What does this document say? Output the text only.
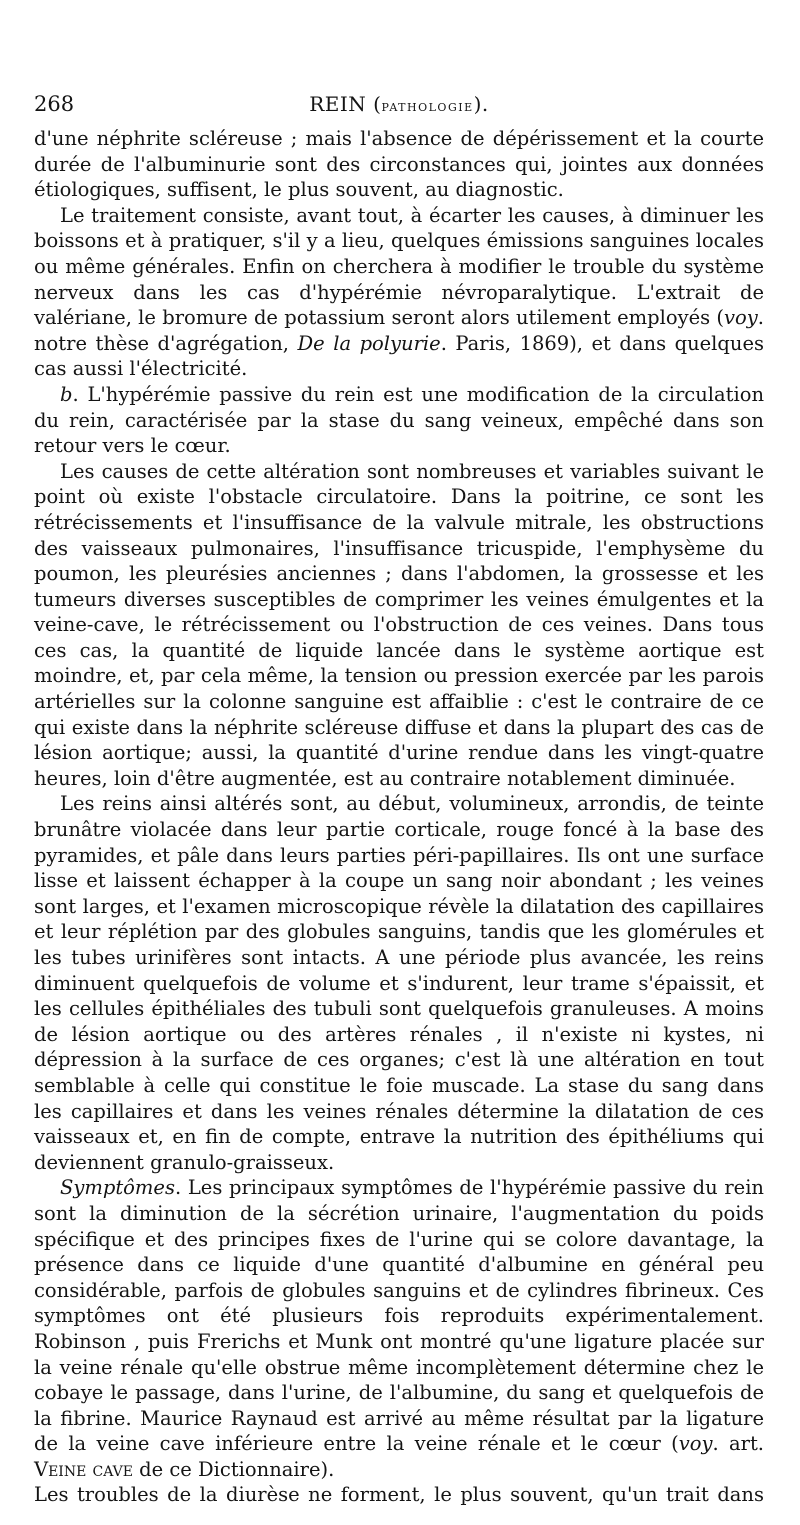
268	REIN (pathologie).

d'une néphrite scléreuse ; mais l'absence de dépérissement et la courte durée de l'albuminurie sont des circonstances qui, jointes aux données étiologiques, suffisent, le plus souvent, au diagnostic.

Le traitement consiste, avant tout, à écarter les causes, à diminuer les boissons et à pratiquer, s'il y a lieu, quelques émissions sanguines locales ou même générales. Enfin on cherchera à modifier le trouble du système nerveux dans les cas d'hypérémie névroparalytique. L'extrait de valériane, le bromure de potassium seront alors utilement employés (voy. notre thèse d'agrégation, De la polyurie. Paris, 1869), et dans quelques cas aussi l'électricité.

b. L'hypérémie passive du rein est une modification de la circulation du rein, caractérisée par la stase du sang veineux, empêché dans son retour vers le cœur.

Les causes de cette altération sont nombreuses et variables suivant le point où existe l'obstacle circulatoire. Dans la poitrine, ce sont les rétrécissements et l'insuffisance de la valvule mitrale, les obstructions des vaisseaux pulmonaires, l'insuffisance tricuspide, l'emphysème du poumon, les pleurésies anciennes ; dans l'abdomen, la grossesse et les tumeurs diverses susceptibles de comprimer les veines émulgentes et la veine-cave, le rétrécissement ou l'obstruction de ces veines. Dans tous ces cas, la quantité de liquide lancée dans le système aortique est moindre, et, par cela même, la tension ou pression exercée par les parois artérielles sur la colonne sanguine est affaiblie : c'est le contraire de ce qui existe dans la néphrite scléreuse diffuse et dans la plupart des cas de lésion aortique; aussi, la quantité d'urine rendue dans les vingt-quatre heures, loin d'être augmentée, est au contraire notablement diminuée.

Les reins ainsi altérés sont, au début, volumineux, arrondis, de teinte brunâtre violacée dans leur partie corticale, rouge foncé à la base des pyramides, et pâle dans leurs parties péri-papillaires. Ils ont une surface lisse et laissent échapper à la coupe un sang noir abondant ; les veines sont larges, et l'examen microscopique révèle la dilatation des capillaires et leur réplétion par des globules sanguins, tandis que les glomérules et les tubes urinifères sont intacts. A une période plus avancée, les reins diminuent quelquefois de volume et s'indurent, leur trame s'épaissit, et les cellules épithéliales des tubuli sont quelquefois granuleuses. A moins de lésion aortique ou des artères rénales , il n'existe ni kystes, ni dépression à la surface de ces organes; c'est là une altération en tout semblable à celle qui constitue le foie muscade. La stase du sang dans les capillaires et dans les veines rénales détermine la dilatation de ces vaisseaux et, en fin de compte, entrave la nutrition des épithéliums qui deviennent granulo-graisseux.

Symptômes. Les principaux symptômes de l'hypérémie passive du rein sont la diminution de la sécrétion urinaire, l'augmentation du poids spécifique et des principes fixes de l'urine qui se colore davantage, la présence dans ce liquide d'une quantité d'albumine en général peu considérable, parfois de globules sanguins et de cylindres fibrineux. Ces symptômes ont été plusieurs fois reproduits expérimentalement. Robinson , puis Frerichs et Munk ont montré qu'une ligature placée sur la veine rénale qu'elle obstrue même incomplètement détermine chez le cobaye le passage, dans l'urine, de l'albumine, du sang et quelquefois de la fibrine. Maurice Raynaud est arrivé au même résultat par la ligature de la veine cave inférieure entre la veine rénale et le cœur (voy. art. Veine cave de ce Dictionnaire).

Les troubles de la diurèse ne forment, le plus souvent, qu'un trait dans
